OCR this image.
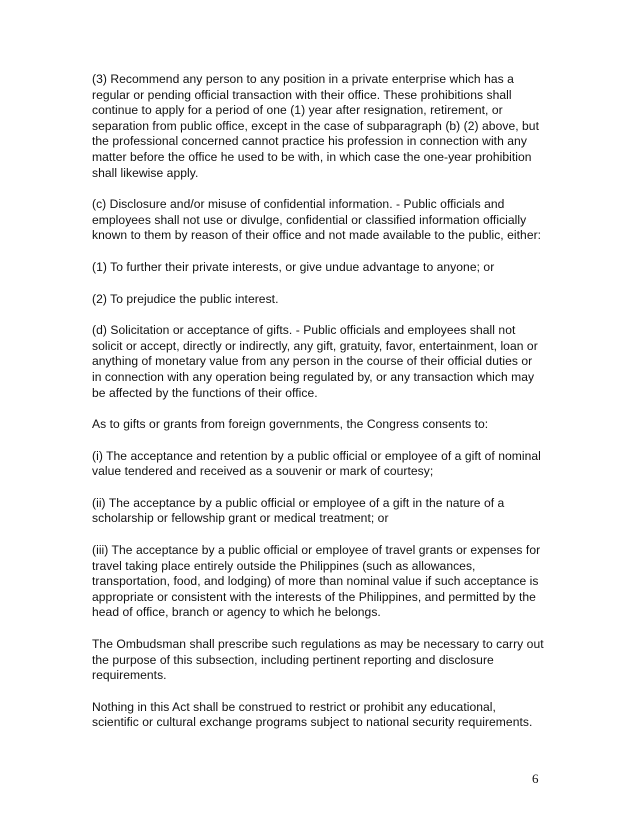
(3) Recommend any person to any position in a private enterprise which has a regular or pending official transaction with their office. These prohibitions shall continue to apply for a period of one (1) year after resignation, retirement, or separation from public office, except in the case of subparagraph (b) (2) above, but the professional concerned cannot practice his profession in connection with any matter before the office he used to be with, in which case the one-year prohibition shall likewise apply.

(c) Disclosure and/or misuse of confidential information. - Public officials and employees shall not use or divulge, confidential or classified information officially known to them by reason of their office and not made available to the public, either:

(1) To further their private interests, or give undue advantage to anyone; or

(2) To prejudice the public interest.

(d) Solicitation or acceptance of gifts. - Public officials and employees shall not solicit or accept, directly or indirectly, any gift, gratuity, favor, entertainment, loan or anything of monetary value from any person in the course of their official duties or in connection with any operation being regulated by, or any transaction which may be affected by the functions of their office.

As to gifts or grants from foreign governments, the Congress consents to:

(i) The acceptance and retention by a public official or employee of a gift of nominal value tendered and received as a souvenir or mark of courtesy;

(ii) The acceptance by a public official or employee of a gift in the nature of a scholarship or fellowship grant or medical treatment; or

(iii) The acceptance by a public official or employee of travel grants or expenses for travel taking place entirely outside the Philippines (such as allowances, transportation, food, and lodging) of more than nominal value if such acceptance is appropriate or consistent with the interests of the Philippines, and permitted by the head of office, branch or agency to which he belongs.

The Ombudsman shall prescribe such regulations as may be necessary to carry out the purpose of this subsection, including pertinent reporting and disclosure requirements.

Nothing in this Act shall be construed to restrict or prohibit any educational, scientific or cultural exchange programs subject to national security requirements.

6
